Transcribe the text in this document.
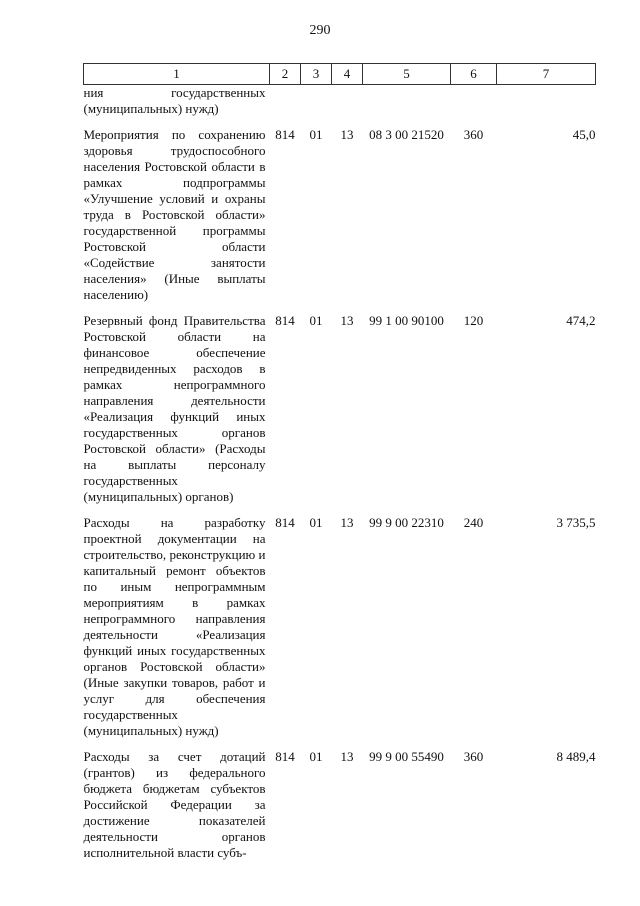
290
1	2	3	4	5	6	7
ния государственных (муниципальных) нужд)						
Мероприятия по сохранению здоровья трудоспособного населения Ростовской области в рамках подпрограммы «Улучшение условий и охраны труда в Ростовской области» государственной программы Ростовской области «Содействие занятости населения» (Иные выплаты населению)	814	01	13	08 3 00 21520	360	45,0
Резервный фонд Правительства Ростовской области на финансовое обеспечение непредвиденных расходов в рамках непрограммного направления деятельности «Реализация функций иных государственных органов Ростовской области» (Расходы на выплаты персоналу государственных (муниципальных) органов)	814	01	13	99 1 00 90100	120	474,2
Расходы на разработку проектной документации на строительство, реконструкцию и капитальный ремонт объектов по иным непрограммным мероприятиям в рамках непрограммного направления деятельности «Реализация функций иных государственных органов Ростовской области» (Иные закупки товаров, работ и услуг для обеспечения государственных (муниципальных) нужд)	814	01	13	99 9 00 22310	240	3 735,5
Расходы за счет дотаций (грантов) из федерального бюджета бюджетам субъектов Российской Федерации за достижение показателей деятельности органов исполнительной власти субъ-	814	01	13	99 9 00 55490	360	8 489,4
